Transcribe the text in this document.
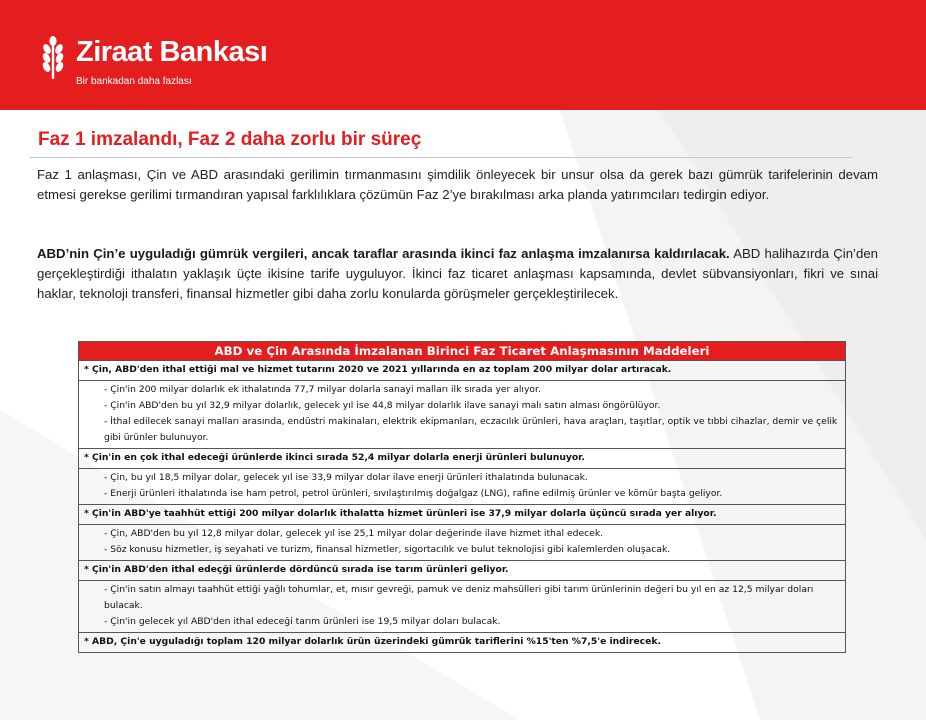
Ziraat Bankası
Bir bankadan daha fazlası
Faz 1 imzalandı, Faz 2 daha zorlu bir süreç

Faz 1 anlaşması, Çin ve ABD arasındaki gerilimin tırmanmasını şimdilik önleyecek bir unsur olsa da gerek bazı gümrük tarifelerinin devam etmesi gerekse gerilimi tırmandıran yapısal farklılıklara çözümün Faz 2’ye bırakılması arka planda yatırımcıları tedirgin ediyor.

ABD’nin Çin’e uyguladığı gümrük vergileri, ancak taraflar arasında ikinci faz anlaşma imzalanırsa kaldırılacak. ABD halihazırda Çin’den gerçekleştirdiği ithalatın yaklaşık üçte ikisine tarife uyguluyor. İkinci faz ticaret anlaşması kapsamında, devlet sübvansiyonları, fikri ve sınai haklar, teknoloji transferi, finansal hizmetler gibi daha zorlu konularda görüşmeler gerçekleştirilecek.

ABD ve Çin Arasında İmzalanan Birinci Faz Ticaret Anlaşmasının Maddeleri
* Çin, ABD'den ithal ettiği mal ve hizmet tutarını 2020 ve 2021 yıllarında en az toplam 200 milyar dolar artıracak.

- Çin'in 200 milyar dolarlık ek ithalatında 77,7 milyar dolarla sanayi malları ilk sırada yer alıyor.

- Çin'in ABD'den bu yıl 32,9 milyar dolarlık, gelecek yıl ise 44,8 milyar dolarlık ilave sanayi malı satın alması öngörülüyor.

- İthal edilecek sanayi malları arasında, endüstri makinaları, elektrik ekipmanları, eczacılık ürünleri, hava araçları, taşıtlar, optik ve tıbbi cihazlar, demir ve çelik gibi ürünler bulunuyor.

* Çin'in en çok ithal edeceği ürünlerde ikinci sırada 52,4 milyar dolarla enerji ürünleri bulunuyor.

- Çin, bu yıl 18,5 milyar dolar, gelecek yıl ise 33,9 milyar dolar ilave enerji ürünleri ithalatında bulunacak.

- Enerji ürünleri ithalatında ise ham petrol, petrol ürünleri, sıvılaştırılmış doğalgaz (LNG), rafine edilmiş ürünler ve kömür başta geliyor.

* Çin'in ABD'ye taahhüt ettiği 200 milyar dolarlık ithalatta hizmet ürünleri ise 37,9 milyar dolarla üçüncü sırada yer alıyor.

- Çin, ABD'den bu yıl 12,8 milyar dolar, gelecek yıl ise 25,1 milyar dolar değerinde ilave hizmet ithal edecek.

- Söz konusu hizmetler, iş seyahati ve turizm, finansal hizmetler, sigortacılık ve bulut teknolojisi gibi kalemlerden oluşacak.

* Çin'in ABD'den ithal edeçği ürünlerde dördüncü sırada ise tarım ürünleri geliyor.

- Çin'in satın almayı taahhüt ettiği yağlı tohumlar, et, mısır gevreği, pamuk ve deniz mahsülleri gibi tarım ürünlerinin değeri bu yıl en az 12,5 milyar doları bulacak.

- Çin'in gelecek yıl ABD'den ithal edeceği tarım ürünleri ise 19,5 milyar doları bulacak.

* ABD, Çin'e uyguladığı toplam 120 milyar dolarlık ürün üzerindeki gümrük tariflerini %15'ten %7,5'e indirecek.
